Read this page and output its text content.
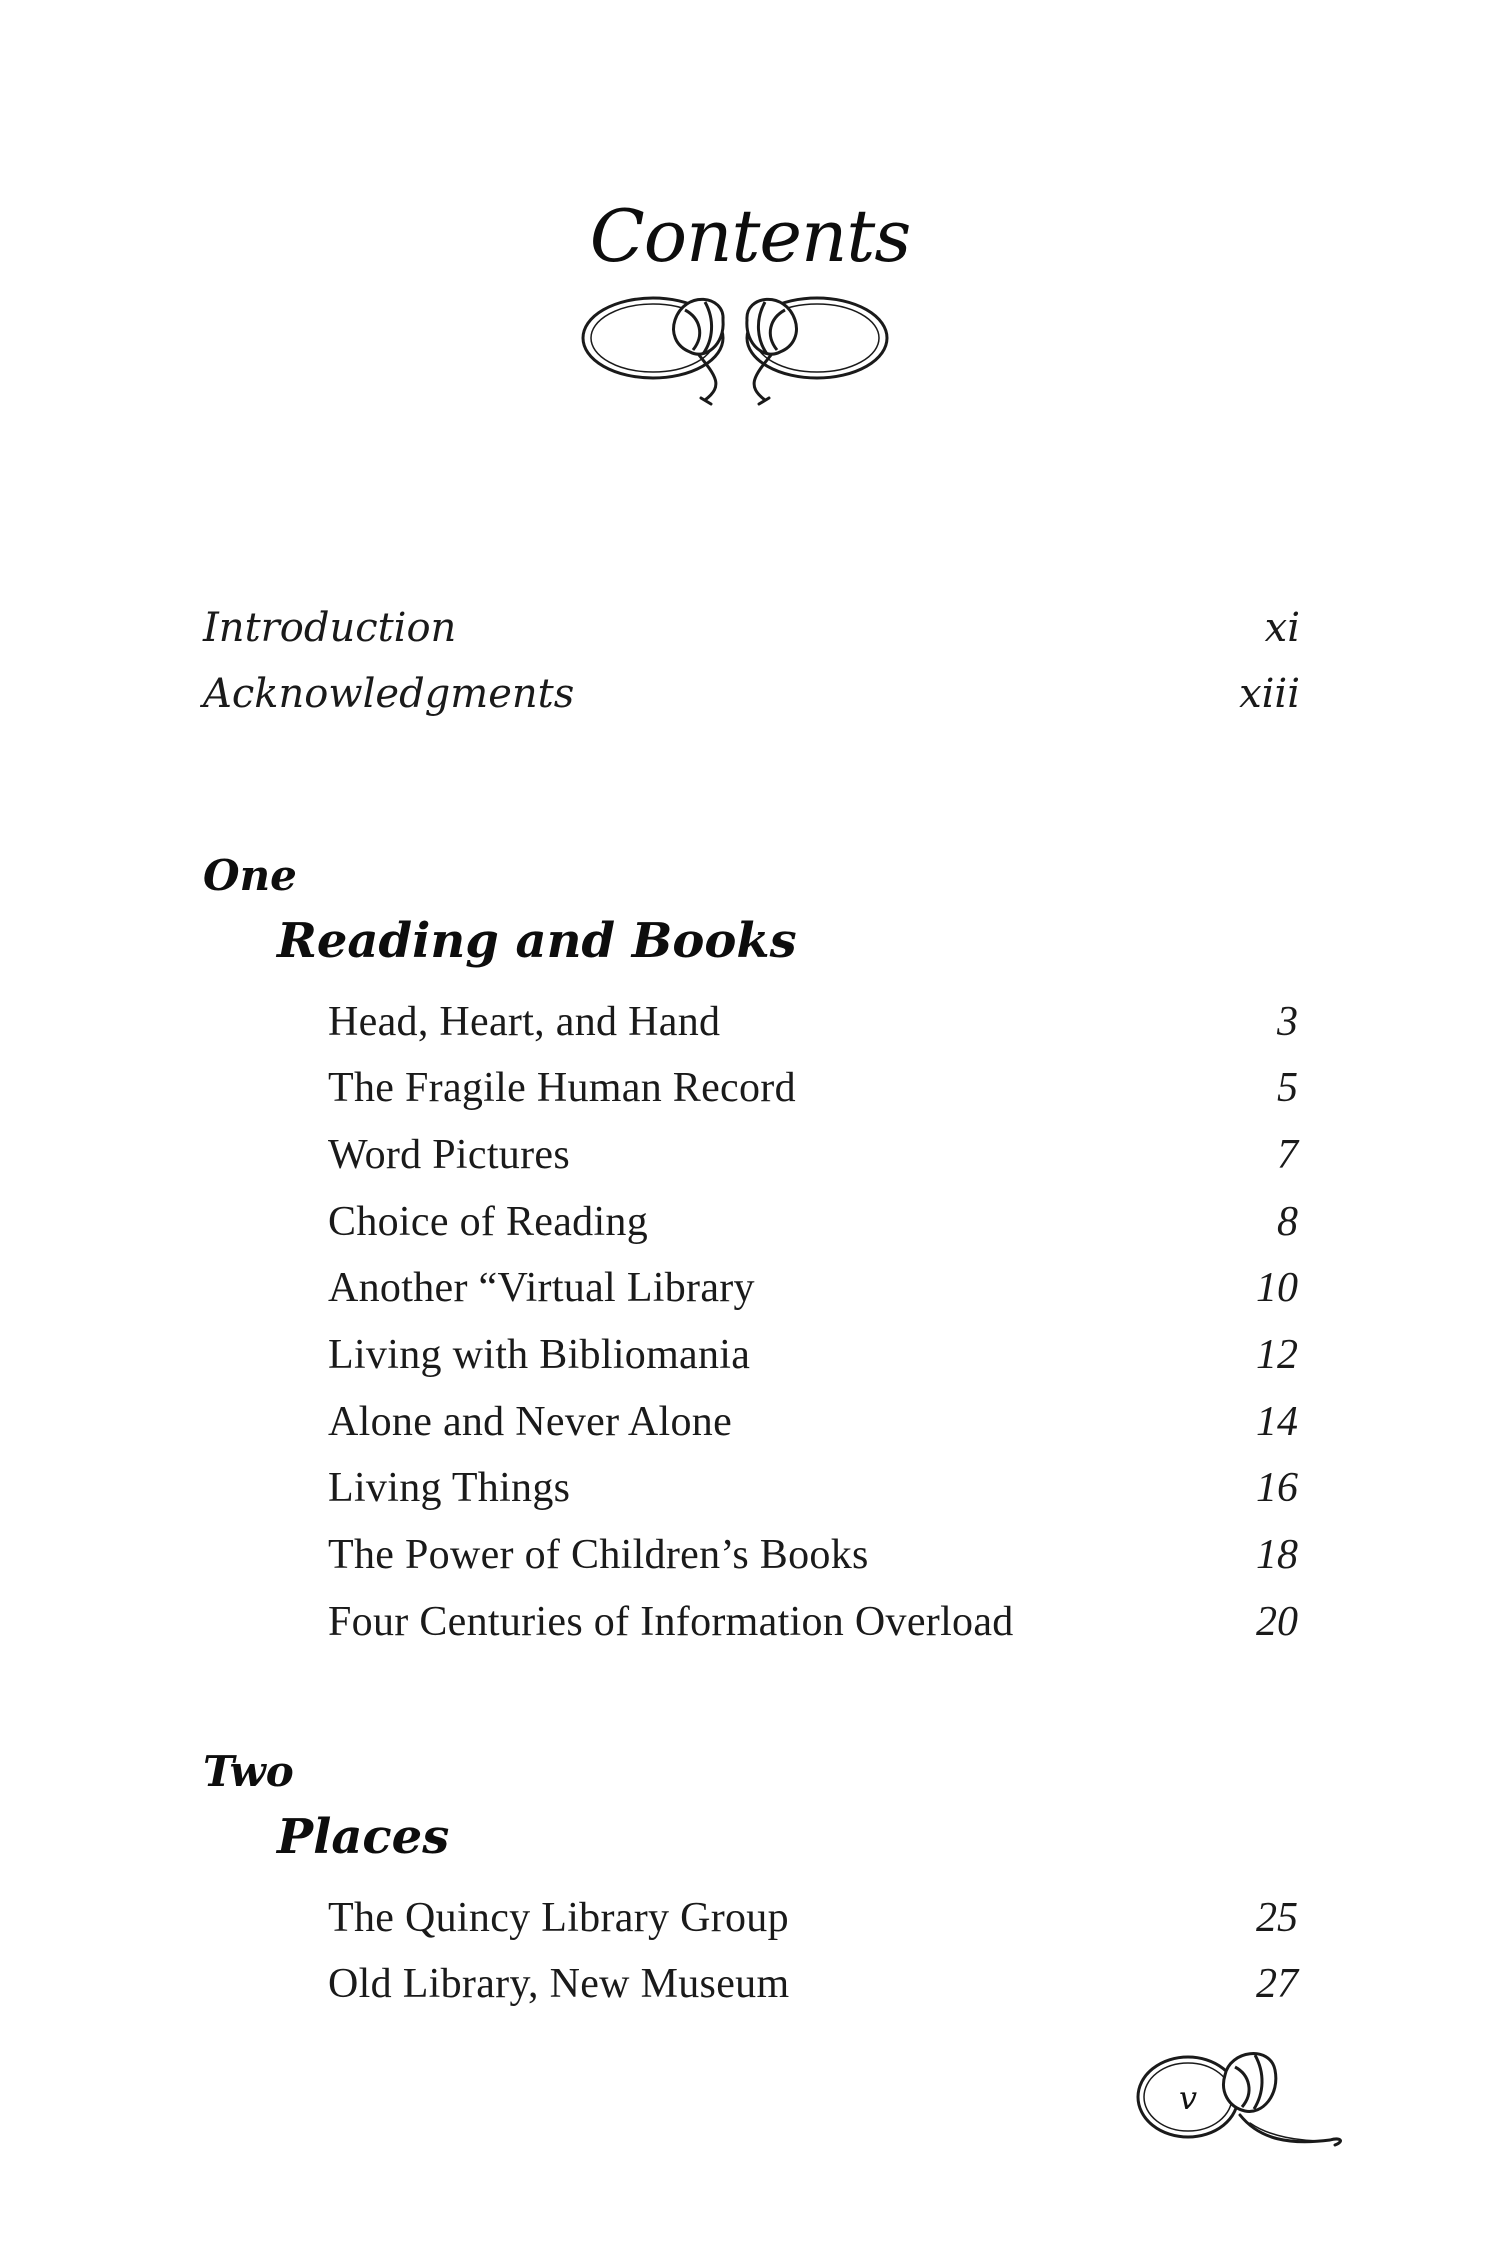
Contents
Introduction	xi
Acknowledgments	xiii
One
Reading and Books
Head, Heart, and Hand	3
The Fragile Human Record	5
Word Pictures	7
Choice of Reading	8
Another “Virtual Library	10
Living with Bibliomania	12
Alone and Never Alone	14
Living Things	16
The Power of Children’s Books	18
Four Centuries of Information Overload	20
Two
Places
The Quincy Library Group	25
Old Library, New Museum	27
v
